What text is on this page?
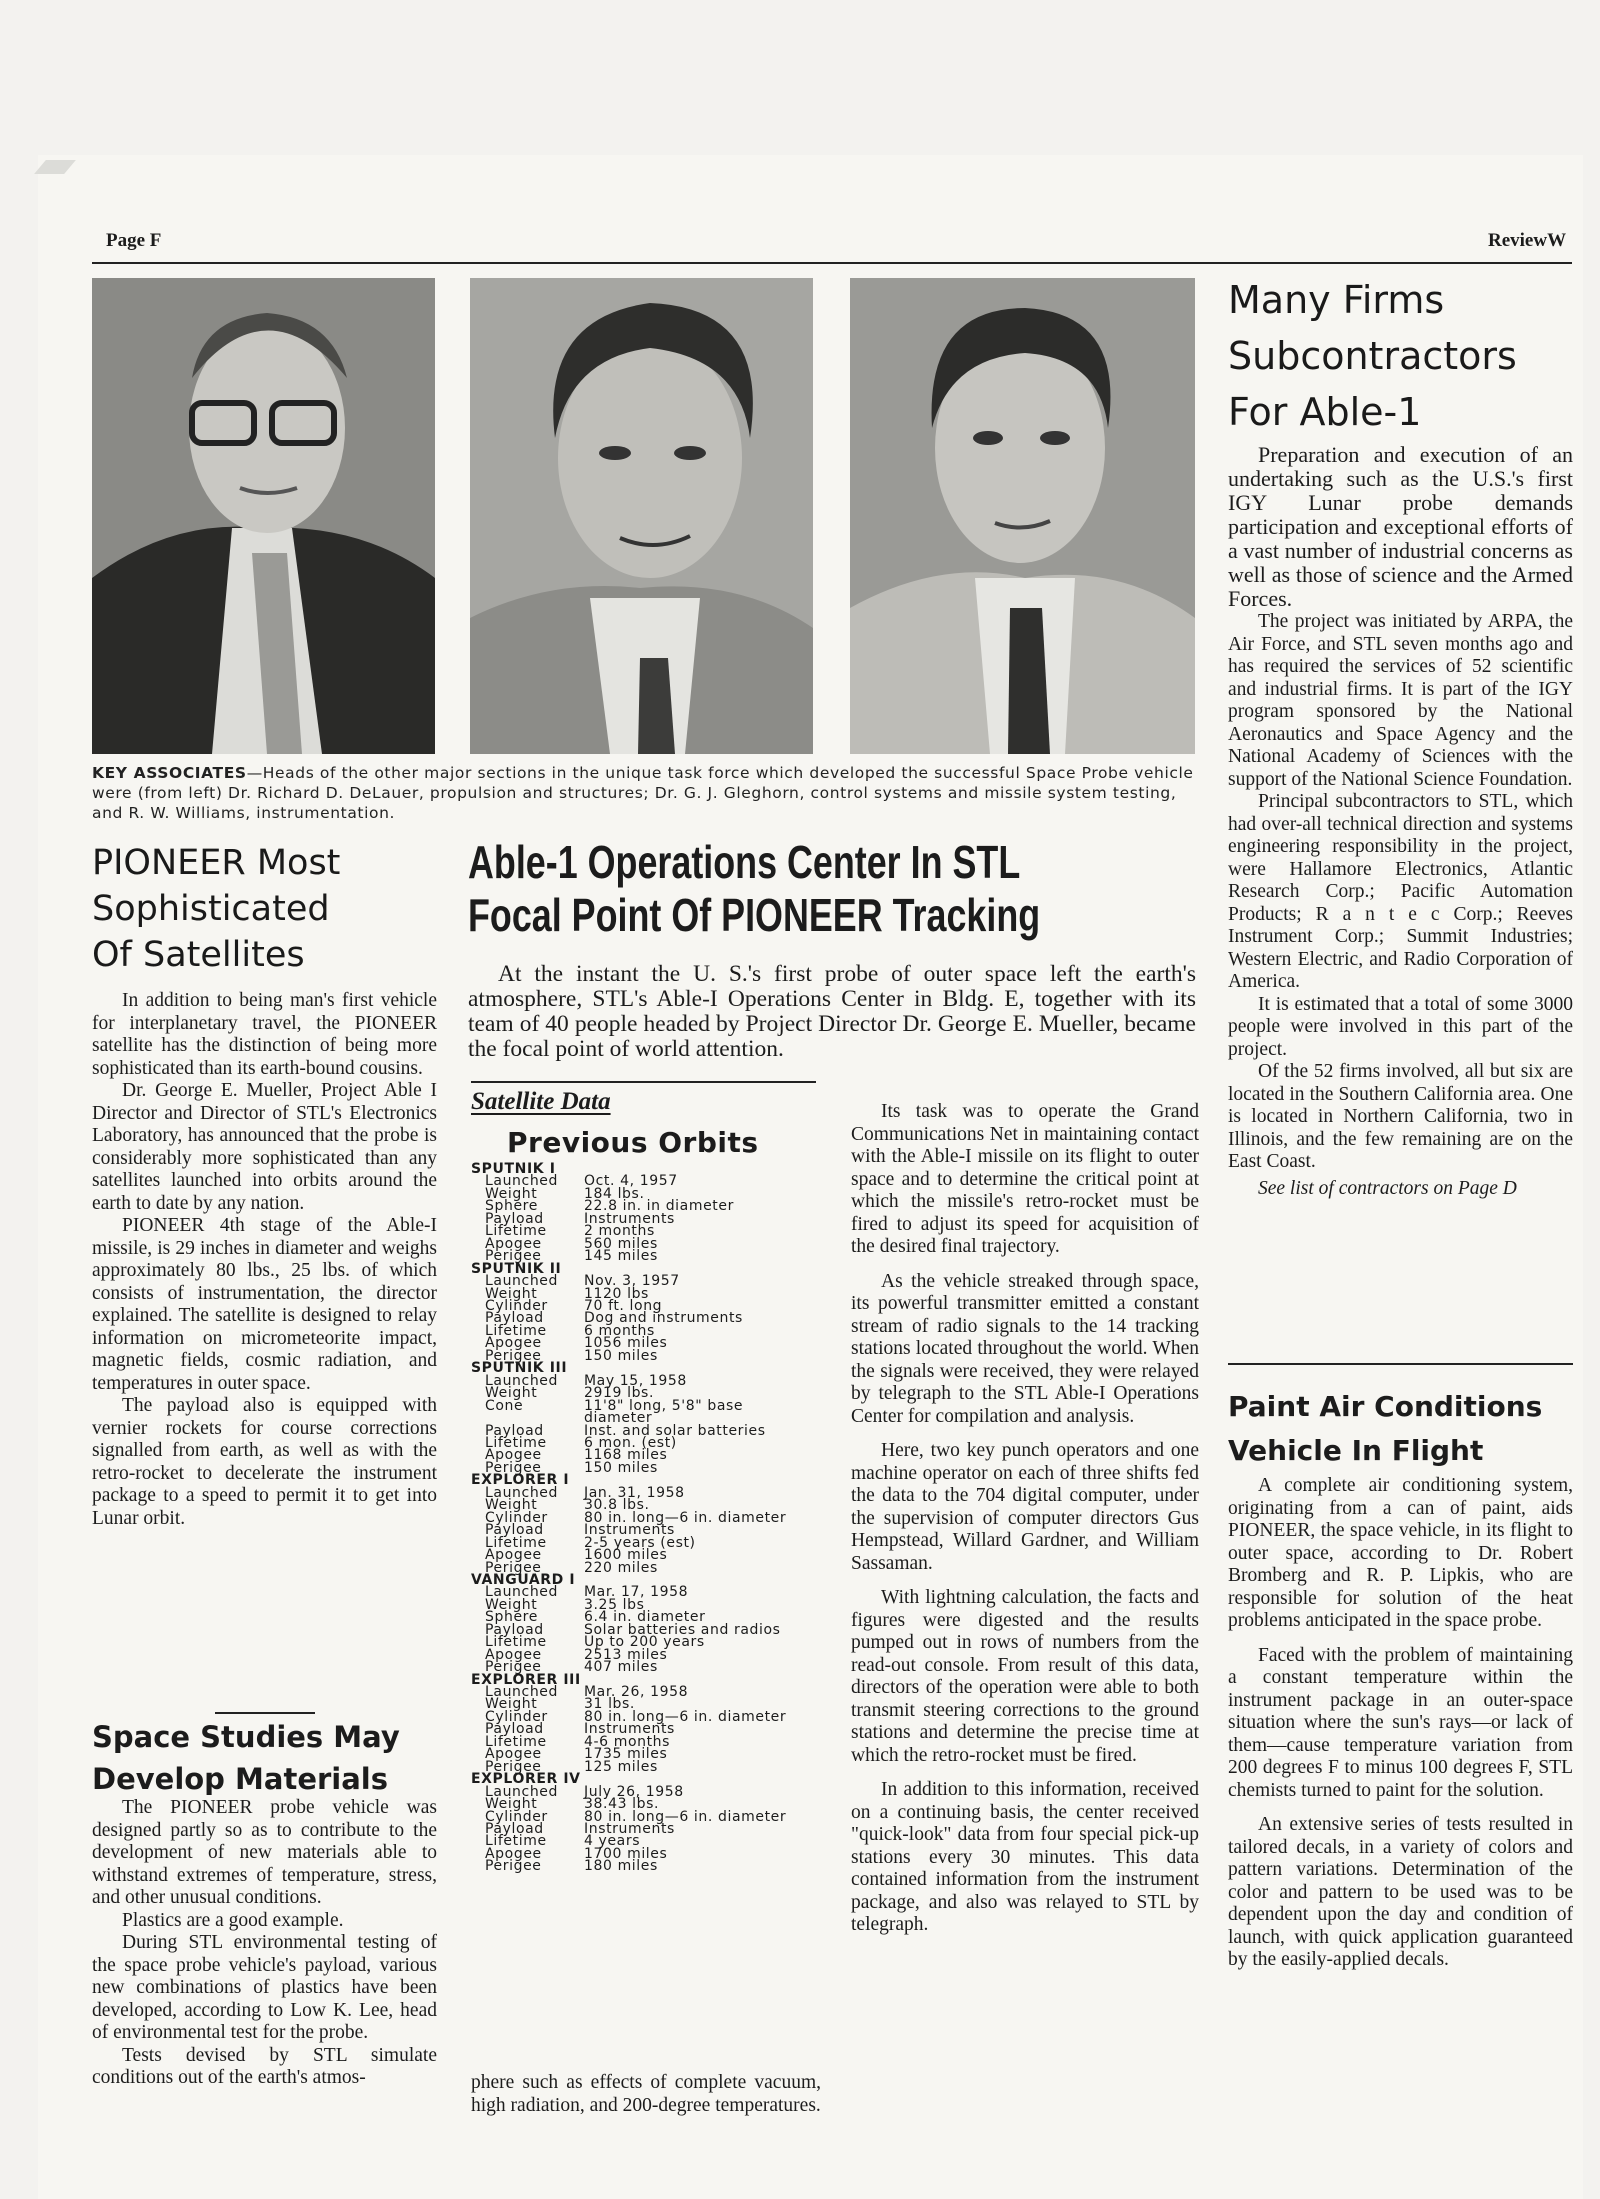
Page F	ReviewW
KEY ASSOCIATES—Heads of the other major sections in the unique task force which developed the successful Space Probe vehicle were (from left) Dr. Richard D. DeLauer, propulsion and structures; Dr. G. J. Gleghorn, control systems and missile system testing, and R. W. Williams, instrumentation.
PIONEER Most
Sophisticated
Of Satellites

In addition to being man's first vehicle for interplanetary travel, the PIONEER satellite has the distinction of being more sophisticated than its earth-bound cousins.

Dr. George E. Mueller, Project Able I Director and Director of STL's Electronics Laboratory, has announced that the probe is considerably more sophisticated than any satellites launched into orbits around the earth to date by any nation.

PIONEER 4th stage of the Able-I missile, is 29 inches in diameter and weighs approximately 80 lbs., 25 lbs. of which consists of instrumentation, the director explained. The satellite is designed to relay information on micrometeorite impact, magnetic fields, cosmic radiation, and temperatures in outer space.

The payload also is equipped with vernier rockets for course corrections signalled from earth, as well as with the retro-rocket to decelerate the instrument package to a speed to permit it to get into Lunar orbit.

Space Studies May
Develop Materials

The PIONEER probe vehicle was designed partly so as to contribute to the development of new materials able to withstand extremes of temperature, stress, and other unusual conditions.

Plastics are a good example.

During STL environmental testing of the space probe vehicle's payload, various new combinations of plastics have been developed, according to Low K. Lee, head of environmental test for the probe.

Tests devised by STL simulate conditions out of the earth's atmos-

Able-1 Operations Center In STL
Focal Point Of PIONEER Tracking

At the instant the U. S.'s first probe of outer space left the earth's atmosphere, STL's Able-I Operations Center in Bldg. E, together with its team of 40 people headed by Project Director Dr. George E. Mueller, became the focal point of world attention.

Satellite Data
Previous Orbits
SPUTNIK I
Launched	Oct. 4, 1957
Weight	184 lbs.
Sphere	22.8 in. in diameter
Payload	Instruments
Lifetime	2 months
Apogee	560 miles
Perigee	145 miles
SPUTNIK II
Launched	Nov. 3, 1957
Weight	1120 lbs
Cylinder	70 ft. long
Payload	Dog and instruments
Lifetime	6 months
Apogee	1056 miles
Perigee	150 miles
SPUTNIK III
Launched	May 15, 1958
Weight	2919 lbs.
Cone	11'8" long, 5'8" base diameter
Payload	Inst. and solar batteries
Lifetime	6 mon. (est)
Apogee	1168 miles
Perigee	150 miles
EXPLORER I
Launched	Jan. 31, 1958
Weight	30.8 lbs.
Cylinder	80 in. long—6 in. diameter
Payload	Instruments
Lifetime	2-5 years (est)
Apogee	1600 miles
Perigee	220 miles
VANGUARD I
Launched	Mar. 17, 1958
Weight	3.25 lbs
Sphere	6.4 in. diameter
Payload	Solar batteries and radios
Lifetime	Up to 200 years
Apogee	2513 miles
Perigee	407 miles
EXPLORER III
Launched	Mar. 26, 1958
Weight	31 lbs.
Cylinder	80 in. long—6 in. diameter
Payload	Instruments
Lifetime	4-6 months
Apogee	1735 miles
Perigee	125 miles
EXPLORER IV
Launched	July 26, 1958
Weight	38.43 lbs.
Cylinder	80 in. long—6 in. diameter
Payload	Instruments
Lifetime	4 years
Apogee	1700 miles
Perigee	180 miles

phere such as effects of complete vacuum, high radiation, and 200-degree temperatures.

Its task was to operate the Grand Communications Net in maintaining contact with the Able-I missile on its flight to outer space and to determine the critical point at which the missile's retro-rocket must be fired to adjust its speed for acquisition of the desired final trajectory.

As the vehicle streaked through space, its powerful transmitter emitted a constant stream of radio signals to the 14 tracking stations located throughout the world. When the signals were received, they were relayed by telegraph to the STL Able-I Operations Center for compilation and analysis.

Here, two key punch operators and one machine operator on each of three shifts fed the data to the 704 digital computer, under the supervision of computer directors Gus Hempstead, Willard Gardner, and William Sassaman.

With lightning calculation, the facts and figures were digested and the results pumped out in rows of numbers from the read-out console. From result of this data, directors of the operation were able to both transmit steering corrections to the ground stations and determine the precise time at which the retro-rocket must be fired.

In addition to this information, received on a continuing basis, the center received "quick-look" data from four special pick-up stations every 30 minutes. This data contained information from the instrument package, and also was relayed to STL by telegraph.

Many Firms
Subcontractors
For Able-1

Preparation and execution of an undertaking such as the U.S.'s first IGY Lunar probe demands participation and exceptional efforts of a vast number of industrial concerns as well as those of science and the Armed Forces.

The project was initiated by ARPA, the Air Force, and STL seven months ago and has required the services of 52 scientific and industrial firms. It is part of the IGY program sponsored by the National Aeronautics and Space Agency and the National Academy of Sciences with the support of the National Science Foundation.

Principal subcontractors to STL, which had over-all technical direction and systems engineering responsibility in the project, were Hallamore Electronics, Atlantic Research Corp.; Pacific Automation Products; R a n t e c Corp.; Reeves Instrument Corp.; Summit Industries; Western Electric, and Radio Corporation of America.

It is estimated that a total of some 3000 people were involved in this part of the project.

Of the 52 firms involved, all but six are located in the Southern California area. One is located in Northern California, two in Illinois, and the few remaining are on the East Coast.

See list of contractors on Page D

Paint Air Conditions
Vehicle In Flight

A complete air conditioning system, originating from a can of paint, aids PIONEER, the space vehicle, in its flight to outer space, according to Dr. Robert Bromberg and R. P. Lipkis, who are responsible for solution of the heat problems anticipated in the space probe.

Faced with the problem of maintaining a constant temperature within the instrument package in an outer-space situation where the sun's rays—or lack of them—cause temperature variation from 200 degrees F to minus 100 degrees F, STL chemists turned to paint for the solution.

An extensive series of tests resulted in tailored decals, in a variety of colors and pattern variations. Determination of the color and pattern to be used was to be dependent upon the day and condition of launch, with quick application guaranteed by the easily-applied decals.
